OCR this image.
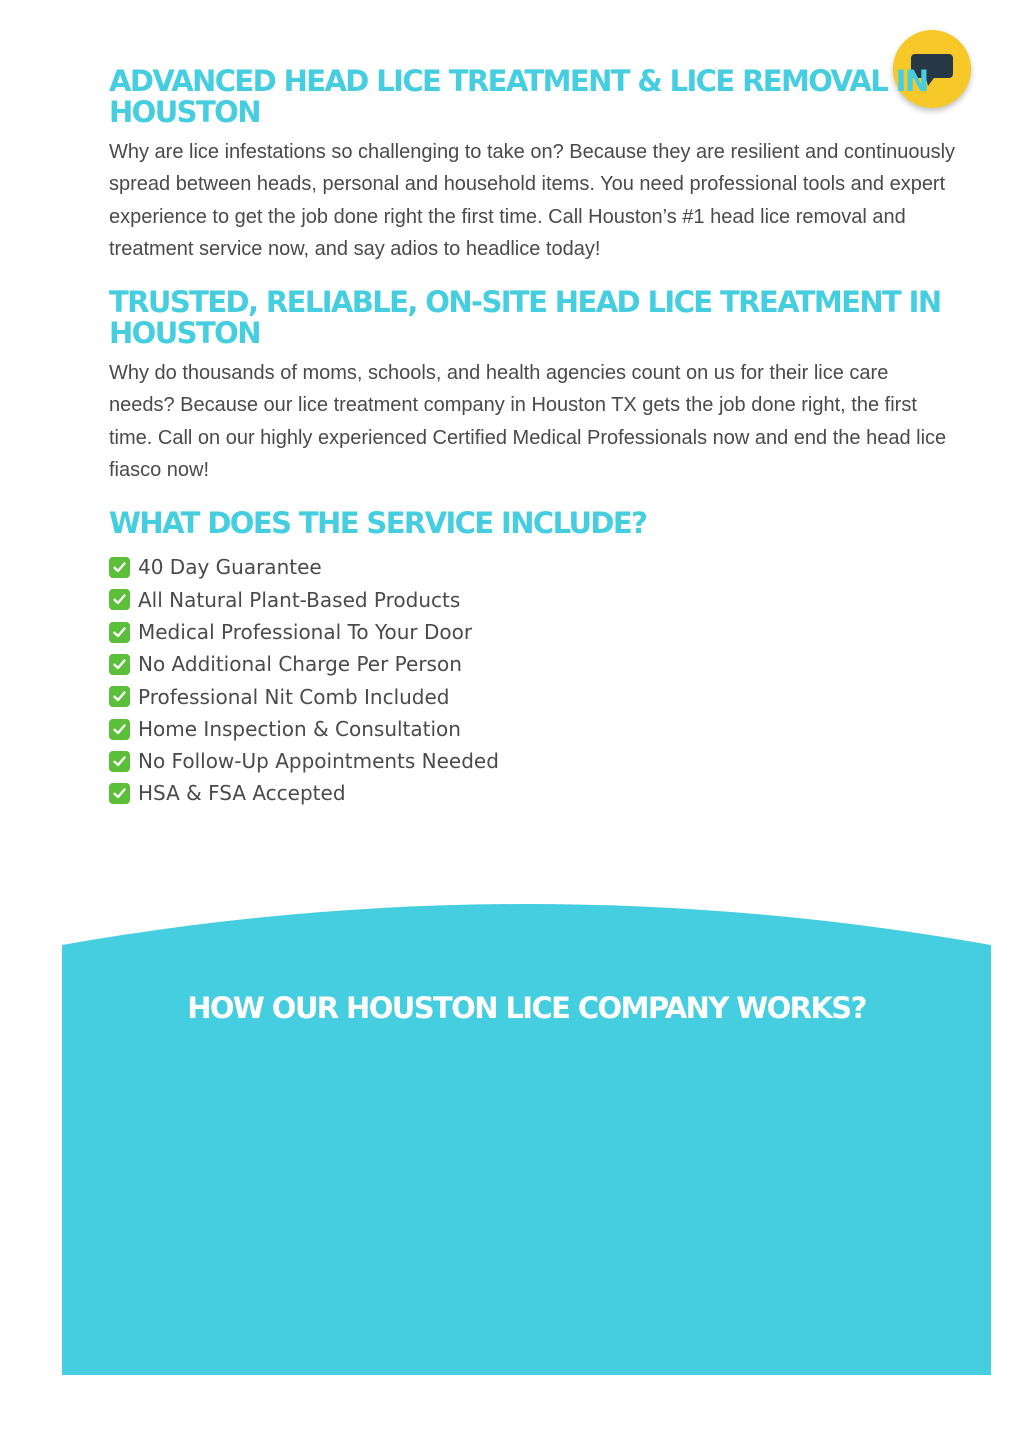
ADVANCED HEAD LICE TREATMENT & LICE REMOVAL IN HOUSTON

Why are lice infestations so challenging to take on? Because they are resilient and continuously spread between heads, personal and household items. You need professional tools and expert experience to get the job done right the first time. Call Houston’s #1 head lice removal and treatment service now, and say adios to headlice today!

TRUSTED, RELIABLE, ON-SITE HEAD LICE TREATMENT IN HOUSTON

Why do thousands of moms, schools, and health agencies count on us for their lice care needs? Because our lice treatment company in Houston TX gets the job done right, the first time. Call on our highly experienced Certified Medical Professionals now and end the head lice fiasco now!

WHAT DOES THE SERVICE INCLUDE?
40 Day Guarantee
All Natural Plant-Based Products
Medical Professional To Your Door
No Additional Charge Per Person
Professional Nit Comb Included
Home Inspection & Consultation
No Follow-Up Appointments Needed
HSA & FSA Accepted
HOW OUR HOUSTON LICE COMPANY WORKS?
